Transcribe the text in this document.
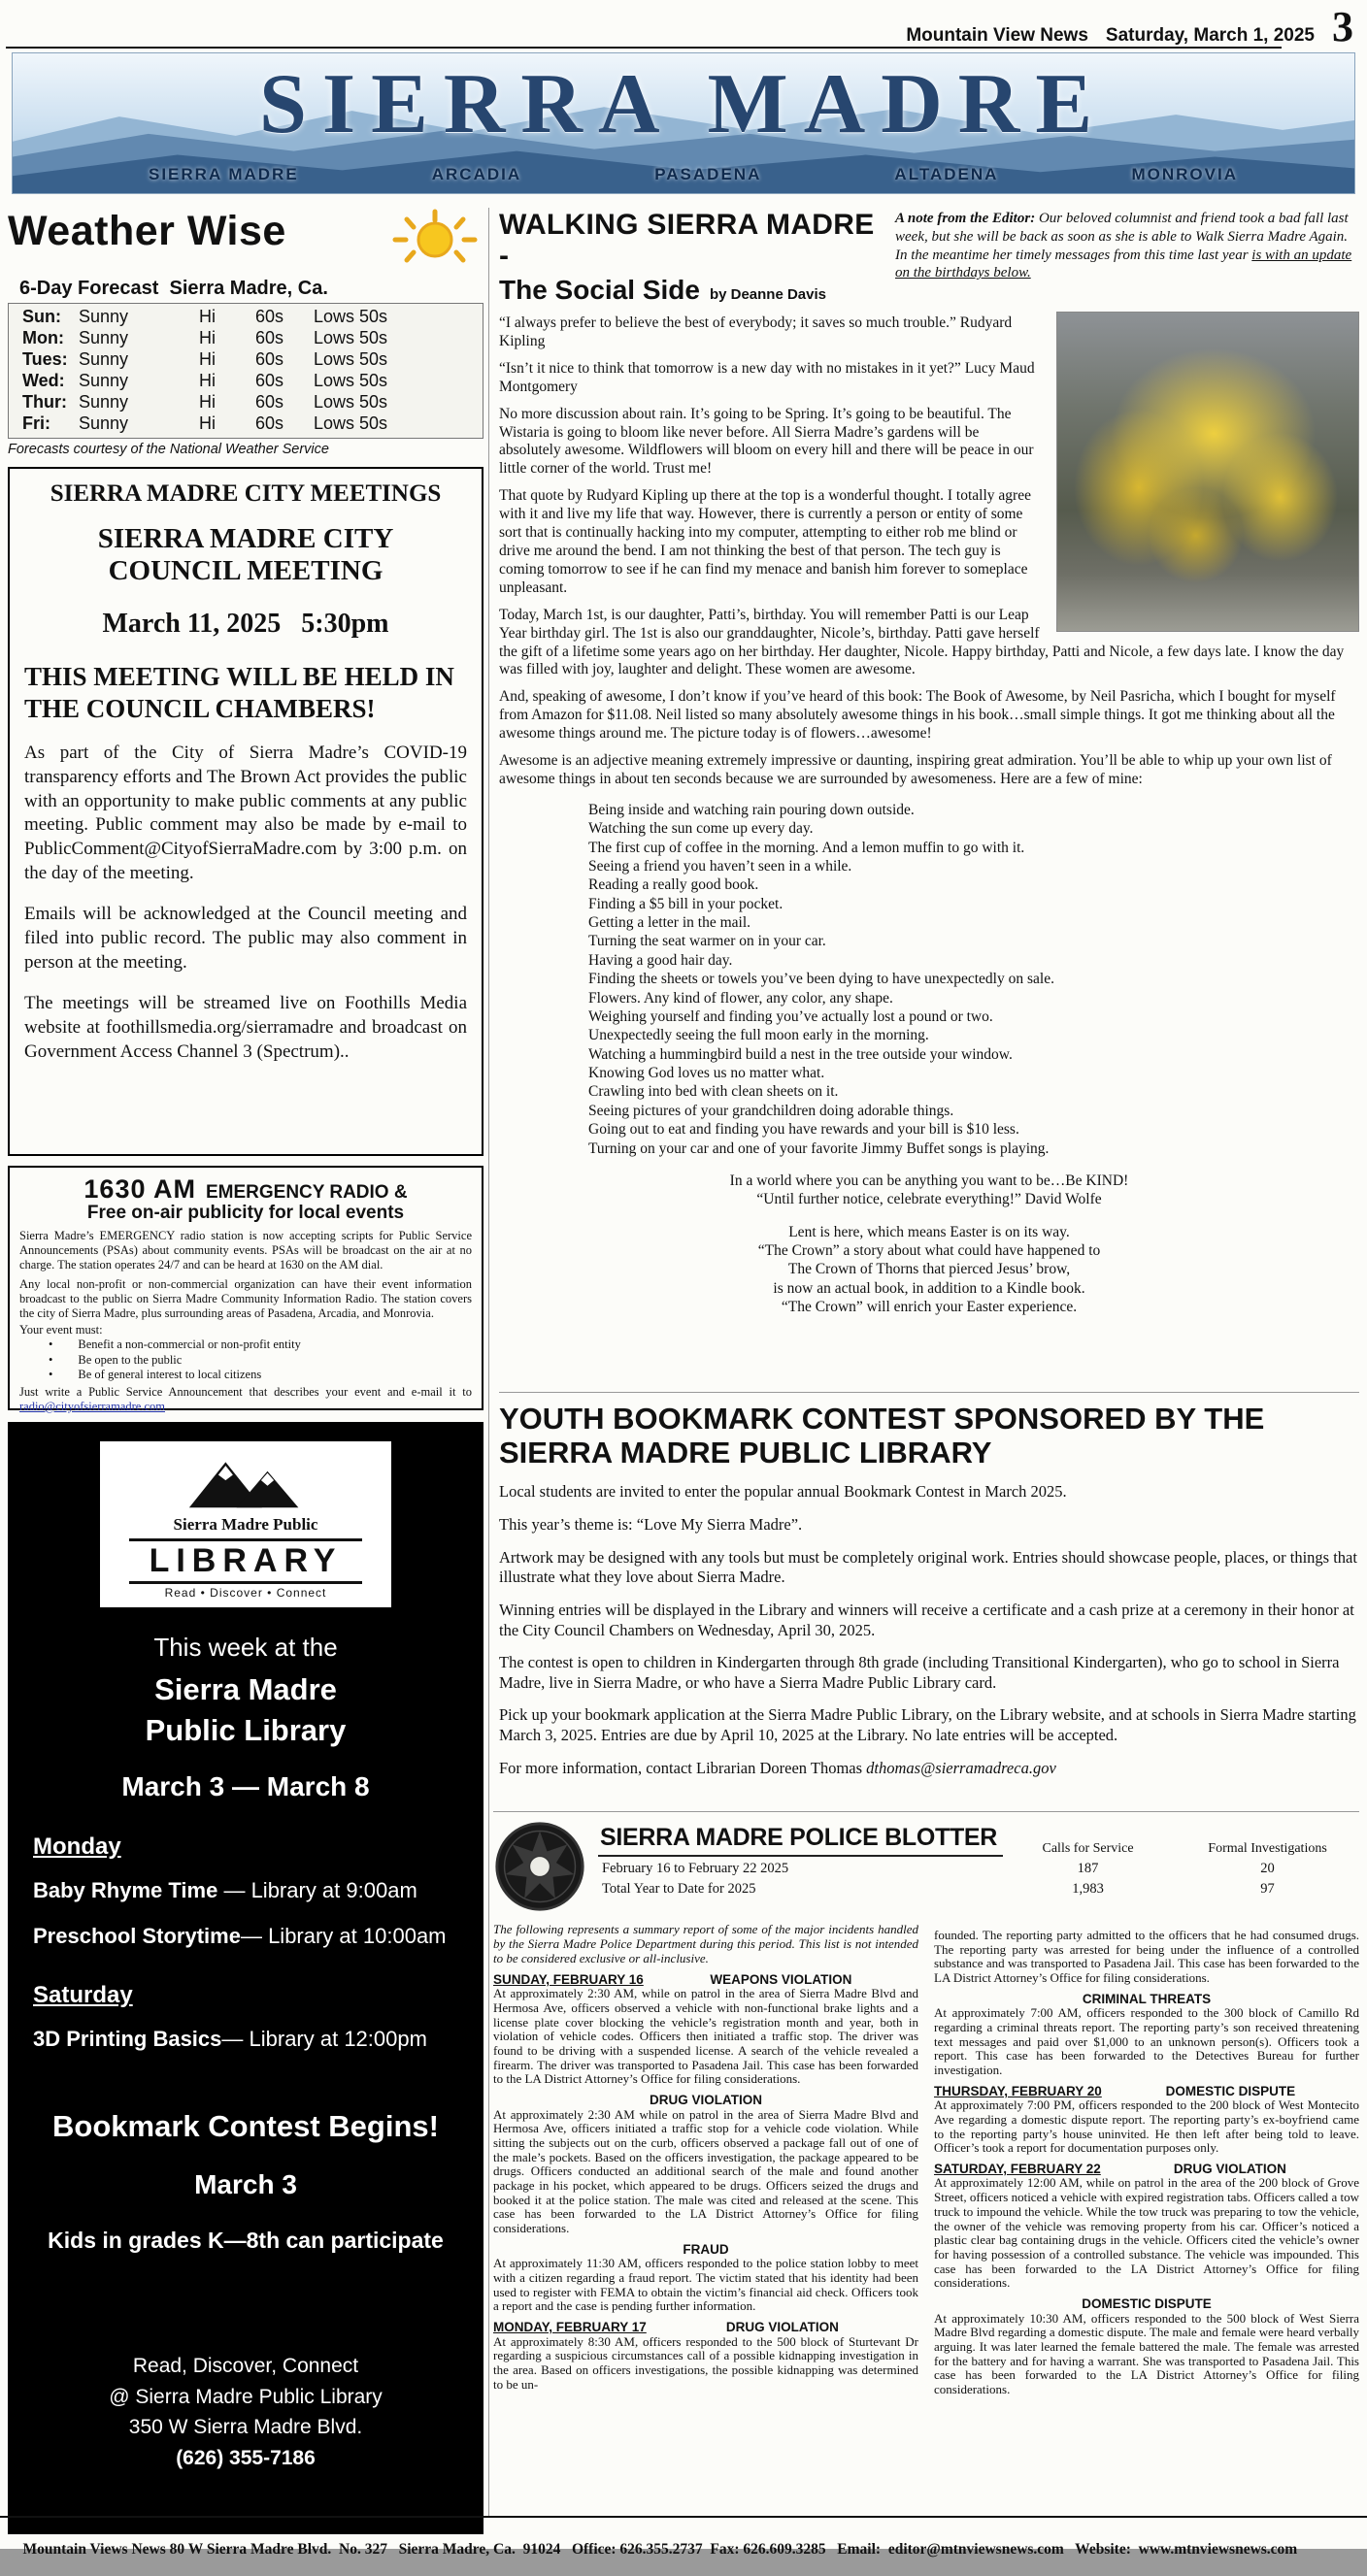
Mountain View News Saturday, March 1, 2025 3
SIERRA MADRE
SIERRA MADRE	ARCADIA	PASADENA	ALTADENA	MONROVIA
Weather Wise
6-Day Forecast  Sierra Madre, Ca.
Sun:	Sunny	Hi	60s	Lows 50s
Mon: Sunny	Hi	60s	Lows 50s
Tues: Sunny	Hi	60s	Lows 50s
Wed: Sunny	Hi	60s	Lows 50s
Thur: Sunny	Hi	60s	Lows 50s
Fri:	Sunny	Hi	60s	Lows 50s
Forecasts courtesy of the National Weather Service
SIERRA MADRE CITY MEETINGS
SIERRA MADRE CITY COUNCIL MEETING
March 11, 2025   5:30pm
THIS MEETING WILL BE HELD IN THE COUNCIL CHAMBERS!

As part of the City of Sierra Madre’s COVID-19 transparency efforts and The Brown Act provides the public with an opportunity to make public comments at any public meeting. Public comment may also be made by e-mail to PublicComment@CityofSierraMadre.com by 3:00 p.m. on the day of the meeting.

Emails will be acknowledged at the Council meeting and filed into public record. The public may also comment in person at the meeting.

The meetings will be streamed live on Foothills Media website at foothillsmedia.org/sierramadre and broadcast on Government Access Channel 3 (Spectrum)..

1630 AM EMERGENCY RADIO &
Free on-air publicity for local events

Sierra Madre’s EMERGENCY radio station is now accepting scripts for Public Service Announcements (PSAs) about community events. PSAs will be broadcast on the air at no charge. The station operates 24/7 and can be heard at 1630 on the AM dial.

Any local non-profit or non-commercial organization can have their event information broadcast to the public on Sierra Madre Community Information Radio. The station covers the city of Sierra Madre, plus surrounding areas of Pasadena, Arcadia, and Monrovia.

Your event must:
• Benefit a non-commercial or non-profit entity
• Be open to the public
• Be of general interest to local citizens

Just write a Public Service Announcement that describes your event and e-mail it to radio@cityofsierramadre.com.

Sierra Madre Public
LIBRARY
Read • Discover • Connect
This week at the
Sierra Madre
Public Library
March 3 — March 8
Monday
Baby Rhyme Time — Library at 9:00am
Preschool Storytime— Library at 10:00am
Saturday
3D Printing Basics— Library at 12:00pm
Bookmark Contest Begins!
March 3
Kids in grades K—8th can participate
Read, Discover, Connect
@ Sierra Madre Public Library
350 W Sierra Madre Blvd.
(626) 355-7186
WALKING SIERRA MADRE -
The Social Side by Deanne Davis
A note from the Editor: Our beloved columnist and friend took a bad fall last week, but she will be back as soon as she is able to Walk Sierra Madre Again. In the meantime her timely messages from this time last year is with an update on the birthdays below.

“I always prefer to believe the best of everybody; it saves so much trouble.” Rudyard Kipling

“Isn’t it nice to think that tomorrow is a new day with no mistakes in it yet?” Lucy Maud Montgomery

No more discussion about rain. It’s going to be Spring. It’s going to be beautiful. The Wistaria is going to bloom like never before. All Sierra Madre’s gardens will be absolutely awesome. Wildflowers will bloom on every hill and there will be peace in our little corner of the world. Trust me!

That quote by Rudyard Kipling up there at the top is a wonderful thought. I totally agree with it and live my life that way. However, there is currently a person or entity of some sort that is continually hacking into my computer, attempting to either rob me blind or drive me around the bend. I am not thinking the best of that person. The tech guy is coming tomorrow to see if he can find my menace and banish him forever to someplace unpleasant.

Today, March 1st, is our daughter, Patti’s, birthday. You will remember Patti is our Leap Year birthday girl. The 1st is also our granddaughter, Nicole’s, birthday. Patti gave herself the gift of a lifetime some years ago on her birthday. Her daughter, Nicole. Happy birthday, Patti and Nicole, a few days late. I know the day was filled with joy, laughter and delight. These women are awesome.

And, speaking of awesome, I don’t know if you’ve heard of this book: The Book of Awesome, by Neil Pasricha, which I bought for myself from Amazon for $11.08. Neil listed so many absolutely awesome things in his book…small simple things. It got me thinking about all the awesome things around me. The picture today is of flowers…awesome!

Awesome is an adjective meaning extremely impressive or daunting, inspiring great admiration. You’ll be able to whip up your own list of awesome things in about ten seconds because we are surrounded by awesomeness. Here are a few of mine:

Being inside and watching rain pouring down outside.
Watching the sun come up every day.
The first cup of coffee in the morning. And a lemon muffin to go with it.
Seeing a friend you haven’t seen in a while.
Reading a really good book.
Finding a $5 bill in your pocket.
Getting a letter in the mail.
Turning the seat warmer on in your car.
Having a good hair day.
Finding the sheets or towels you’ve been dying to have unexpectedly on sale.
Flowers. Any kind of flower, any color, any shape.
Weighing yourself and finding you’ve actually lost a pound or two.
Unexpectedly seeing the full moon early in the morning.
Watching a hummingbird build a nest in the tree outside your window.
Knowing God loves us no matter what.
Crawling into bed with clean sheets on it.
Seeing pictures of your grandchildren doing adorable things.
Going out to eat and finding you have rewards and your bill is $10 less.
Turning on your car and one of your favorite Jimmy Buffet songs is playing.
In a world where you can be anything you want to be…Be KIND!
“Until further notice, celebrate everything!” David Wolfe
Lent is here, which means Easter is on its way.
“The Crown” a story about what could have happened to
The Crown of Thorns that pierced Jesus’ brow,
is now an actual book, in addition to a Kindle book.
“The Crown” will enrich your Easter experience.
YOUTH BOOKMARK CONTEST SPONSORED BY THE SIERRA MADRE PUBLIC LIBRARY

Local students are invited to enter the popular annual Bookmark Contest in March 2025.

This year’s theme is: “Love My Sierra Madre”.

Artwork may be designed with any tools but must be completely original work. Entries should showcase people, places, or things that illustrate what they love about Sierra Madre.

Winning entries will be displayed in the Library and winners will receive a certificate and a cash prize at a ceremony in their honor at the City Council Chambers on Wednesday, April 30, 2025.

The contest is open to children in Kindergarten through 8th grade (including Transitional Kindergarten), who go to school in Sierra Madre, live in Sierra Madre, or who have a Sierra Madre Public Library card.

Pick up your bookmark application at the Sierra Madre Public Library, on the Library website, and at schools in Sierra Madre starting March 3, 2025. Entries are due by April 10, 2025 at the Library. No late entries will be accepted.

For more information, contact Librarian Doreen Thomas dthomas@sierramadreca.gov

SIERRA MADRE POLICE BLOTTER	Calls for Service	Formal Investigations
February 16 to February 22 2025	187	20
Total Year to Date for 2025	1,983	97

The following represents a summary report of some of the major incidents handled by the Sierra Madre Police Department during this period. This list is not intended to be considered exclusive or all-inclusive.

SUNDAY, FEBRUARY 16	WEAPONS VIOLATION

At approximately 2:30 AM, while on patrol in the area of Sierra Madre Blvd and Hermosa Ave, officers observed a vehicle with non-functional brake lights and a license plate cover blocking the vehicle’s registration month and year, both in violation of vehicle codes. Officers then initiated a traffic stop. The driver was found to be driving with a suspended license. A search of the vehicle revealed a firearm. The driver was transported to Pasadena Jail. This case has been forwarded to the LA District Attorney’s Office for filing considerations.

DRUG VIOLATION

At approximately 2:30 AM while on patrol in the area of Sierra Madre Blvd and Hermosa Ave, officers initiated a traffic stop for a vehicle code violation. While sitting the subjects out on the curb, officers observed a package fall out of one of the male’s pockets. Based on the officers investigation, the package appeared to be drugs. Officers conducted an additional search of the male and found another package in his pocket, which appeared to be drugs. Officers seized the drugs and booked it at the police station. The male was cited and released at the scene. This case has been forwarded to the LA District Attorney’s Office for filing considerations.

FRAUD

At approximately 11:30 AM, officers responded to the police station lobby to meet with a citizen regarding a fraud report. The victim stated that his identity had been used to register with FEMA to obtain the victim’s financial aid check. Officers took a report and the case is pending further information.

MONDAY, FEBRUARY 17	DRUG VIOLATION

At approximately 8:30 AM, officers responded to the 500 block of Sturtevant Dr regarding a suspicious circumstances call of a possible kidnapping investigation in the area. Based on officers investigations, the possible kidnapping was determined to be un-

founded. The reporting party admitted to the officers that he had consumed drugs. The reporting party was arrested for being under the influence of a controlled substance and was transported to Pasadena Jail. This case has been forwarded to the LA District Attorney’s Office for filing considerations.

CRIMINAL THREATS

At approximately 7:00 AM, officers responded to the 300 block of Camillo Rd regarding a criminal threats report. The reporting party’s son received threatening text messages and paid over $1,000 to an unknown person(s). Officers took a report. This case has been forwarded to the Detectives Bureau for further investigation.

THURSDAY, FEBRUARY 20	DOMESTIC DISPUTE

At approximately 7:00 PM, officers responded to the 200 block of West Montecito Ave regarding a domestic dispute report. The reporting party’s ex-boyfriend came to the reporting party’s house uninvited. He then left after being told to leave. Officer’s took a report for documentation purposes only.

SATURDAY, FEBRUARY 22	DRUG VIOLATION

At approximately 12:00 AM, while on patrol in the area of the 200 block of Grove Street, officers noticed a vehicle with expired registration tabs. Officers called a tow truck to impound the vehicle. While the tow truck was preparing to tow the vehicle, the owner of the vehicle was removing property from his car. Officer’s noticed a plastic clear bag containing drugs in the vehicle. Officers cited the vehicle’s owner for having possession of a controlled substance. The vehicle was impounded. This case has been forwarded to the LA District Attorney’s Office for filing considerations.

DOMESTIC DISPUTE

At approximately 10:30 AM, officers responded to the 500 block of West Sierra Madre Blvd regarding a domestic dispute. The male and female were heard verbally arguing. It was later learned the female battered the male. The female was arrested for the battery and for having a warrant. She was transported to Pasadena Jail. This case has been forwarded to the LA District Attorney’s Office for filing considerations.

Mountain Views News 80 W Sierra Madre Blvd.  No. 327   Sierra Madre, Ca.  91024   Office: 626.355.2737  Fax: 626.609.3285   Email:  editor@mtnviewsnews.com   Website:  www.mtnviewsnews.com
